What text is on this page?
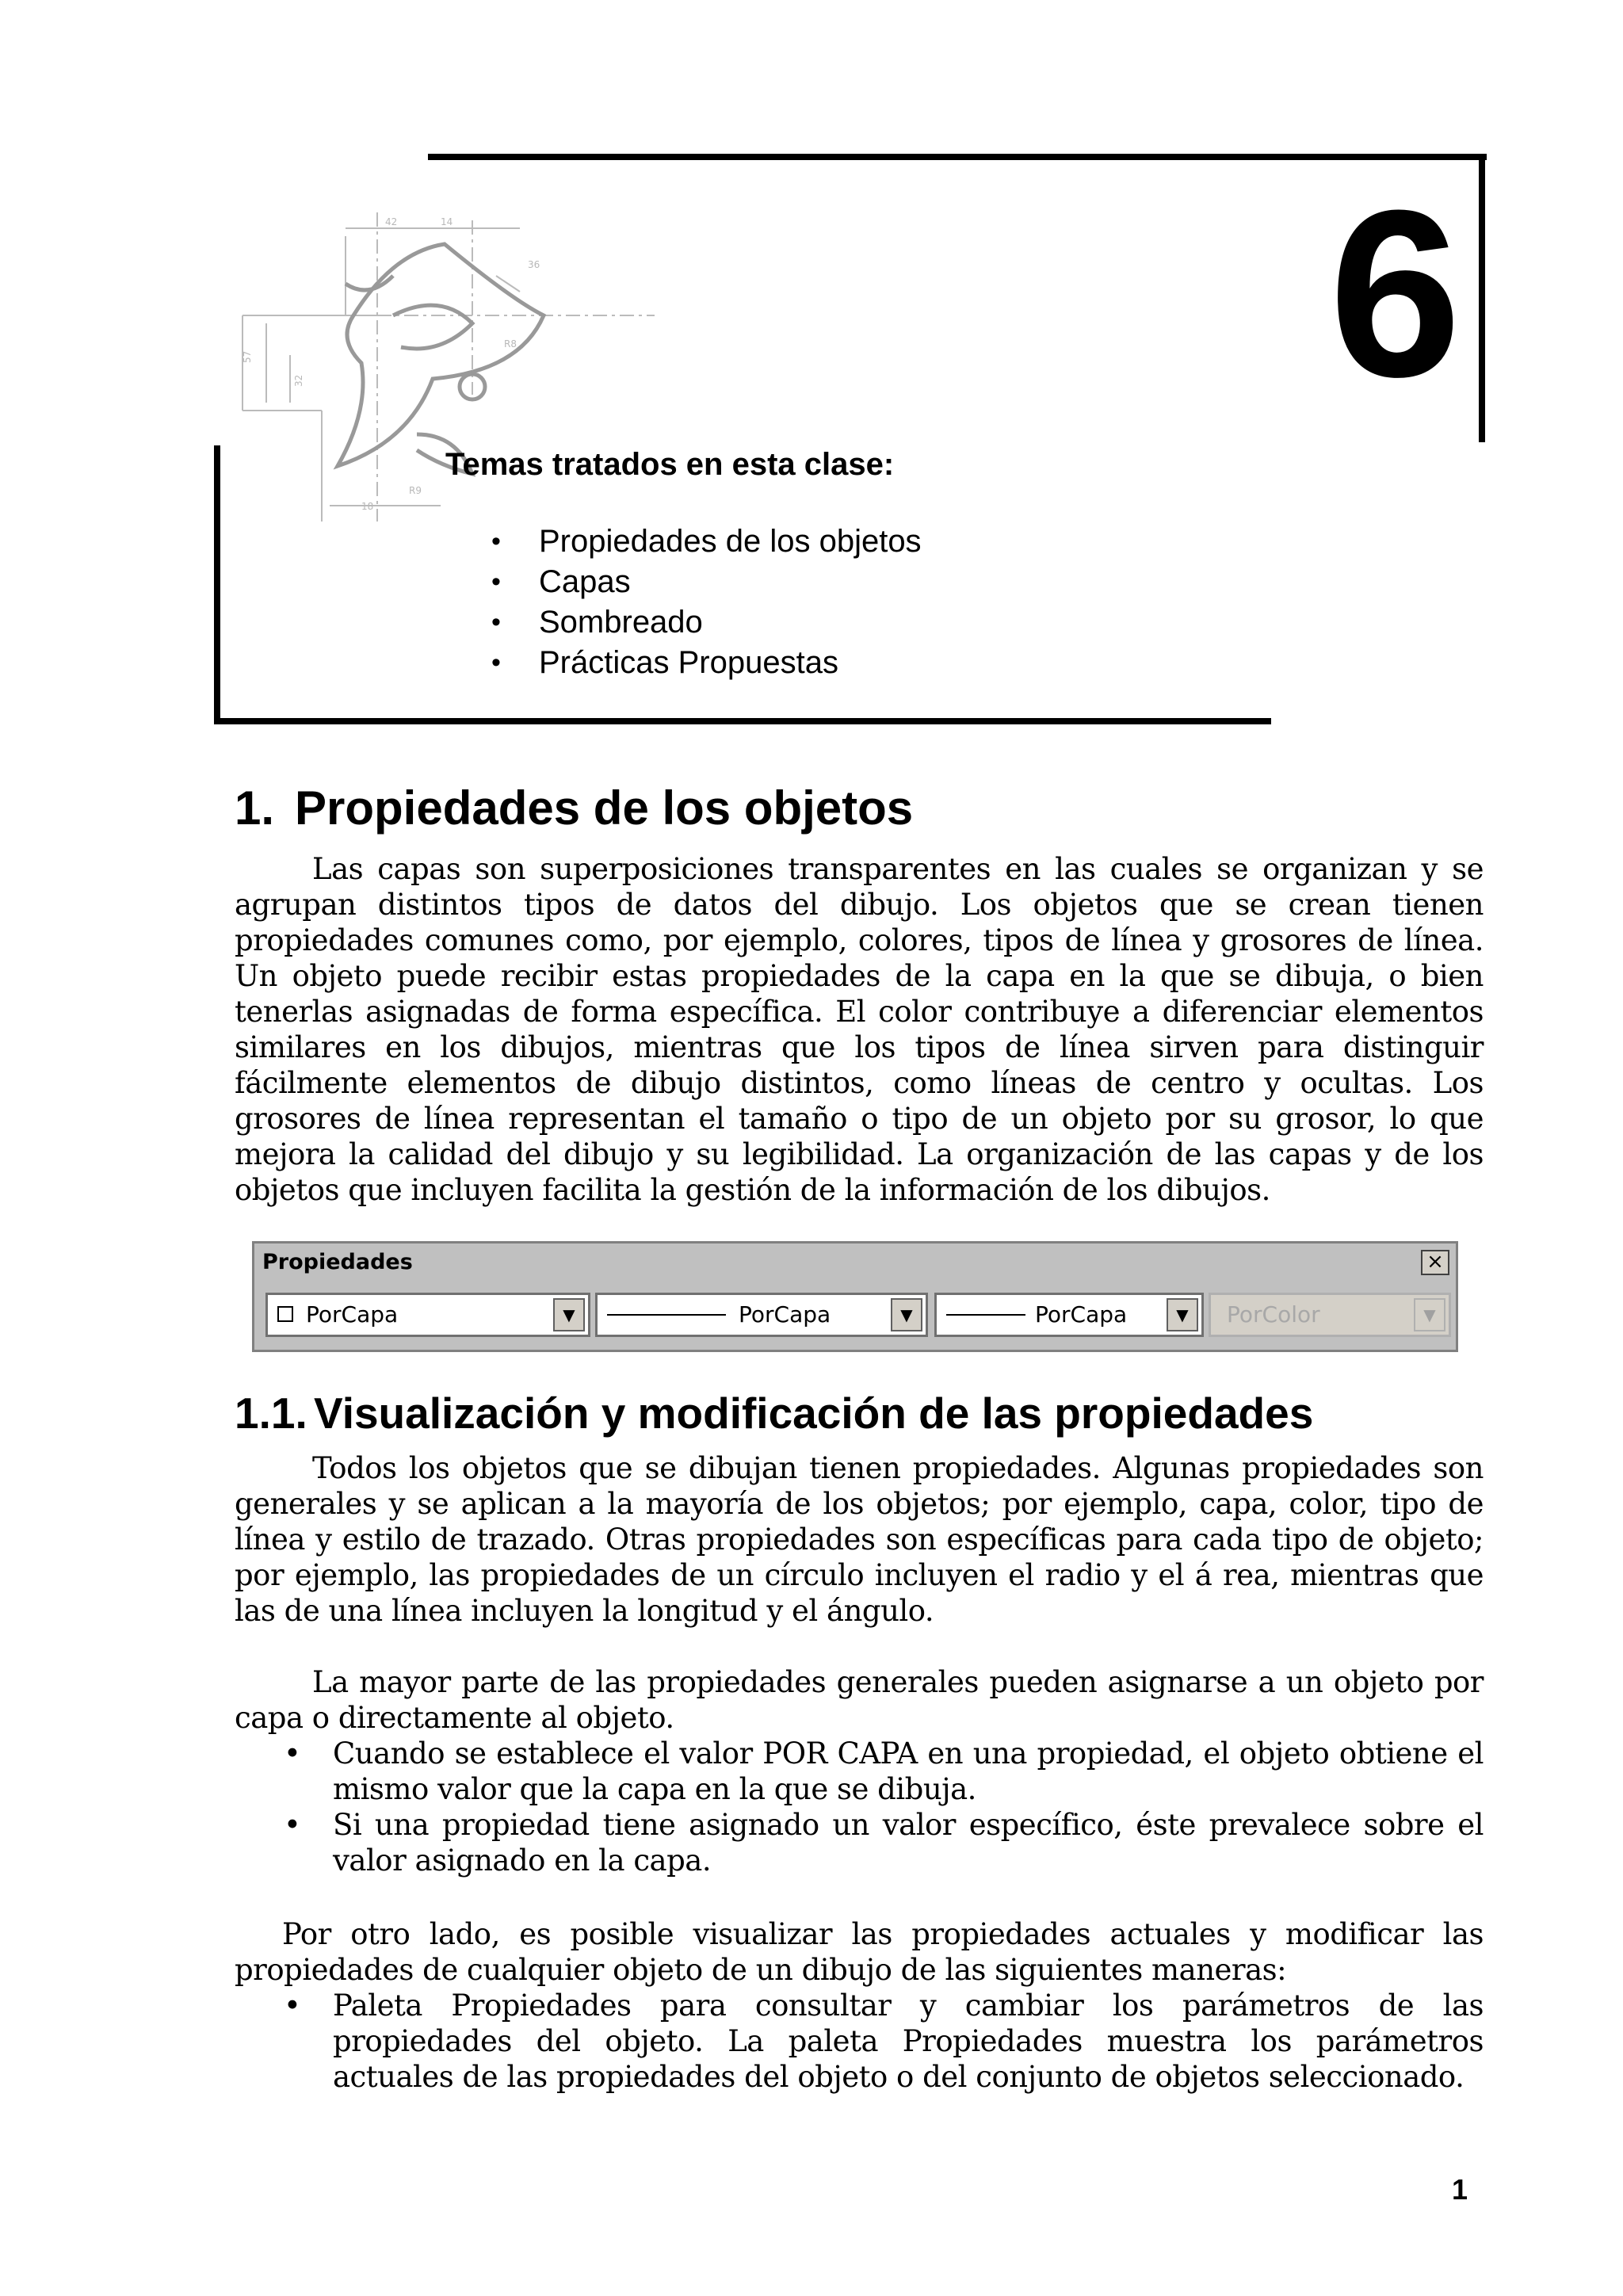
6
42	14
57
32
18
R9
R8
36
Temas tratados en esta clase:
• Propiedades de los objetos
• Capas
• Sombreado
• Prácticas Propuestas
1. Propiedades de los objetos

Las capas son superposiciones transparentes en las cuales se organizan y se agrupan distintos tipos de datos del dibujo. Los objetos que se crean tienen propiedades comunes como, por ejemplo, colores, tipos de línea y grosores de línea. Un objeto puede recibir estas propiedades de la capa en la que se dibuja, o bien tenerlas asignadas de forma específica. El color contribuye a diferenciar elementos similares en los dibujos, mientras que los tipos de línea sirven para distinguir fácilmente elementos de dibujo distintos, como líneas de centro y ocultas. Los grosores de línea representan el tamaño o tipo de un objeto por su grosor, lo que mejora la calidad del dibujo y su legibilidad. La organización de las capas y de los objetos que incluyen facilita la gestión de la información de los dibujos.

Propiedades	×
PorCapa	▼	PorCapa	▼	PorCapa	▼	PorColor	▼
1.1. Visualización y modificación de las propiedades

Todos los objetos que se dibujan tienen propiedades. Algunas propiedades son generales y se aplican a la mayoría de los objetos; por ejemplo, capa, color, tipo de línea y estilo de trazado. Otras propiedades son específicas para cada tipo de objeto; por ejemplo, las propiedades de un círculo incluyen el radio y el á rea, mientras que las de una línea incluyen la longitud y el ángulo.

La mayor parte de las propiedades generales pueden asignarse a un objeto por capa o directamente al objeto.

• Cuando se establece el valor POR CAPA en una propiedad, el objeto obtiene el mismo valor que la capa en la que se dibuja.
• Si una propiedad tiene asignado un valor específico, éste prevalece sobre el valor asignado en la capa.

Por otro lado, es posible visualizar las propiedades actuales y modificar las propiedades de cualquier objeto de un dibujo de las siguientes maneras:

• Paleta Propiedades para consultar y cambiar los parámetros de las propiedades del objeto. La paleta Propiedades muestra los parámetros actuales de las propiedades del objeto o del conjunto de objetos seleccionado.
1
